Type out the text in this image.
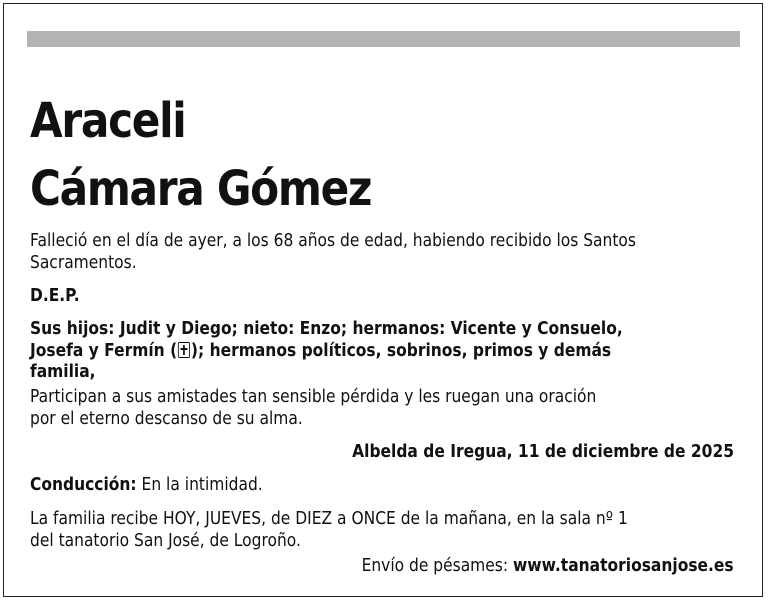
Araceli
Cámara Gómez

Falleció en el día de ayer, a los 68 años de edad, habiendo recibido los Santos

Sacramentos.

D.E.P.

Sus hijos: Judit y Diego; nieto: Enzo; hermanos: Vicente y Consuelo,

Josefa y Fermín ( ); hermanos políticos, sobrinos, primos y demás

familia,

Participan a sus amistades tan sensible pérdida y les ruegan una oración

por el eterno descanso de su alma.

Albelda de Iregua, 11 de diciembre de 2025

Conducción: En la intimidad.

La familia recibe HOY, JUEVES, de DIEZ a ONCE de la mañana, en la sala nº 1

del tanatorio San José, de Logroño.

Envío de pésames: www.tanatoriosanjose.es
